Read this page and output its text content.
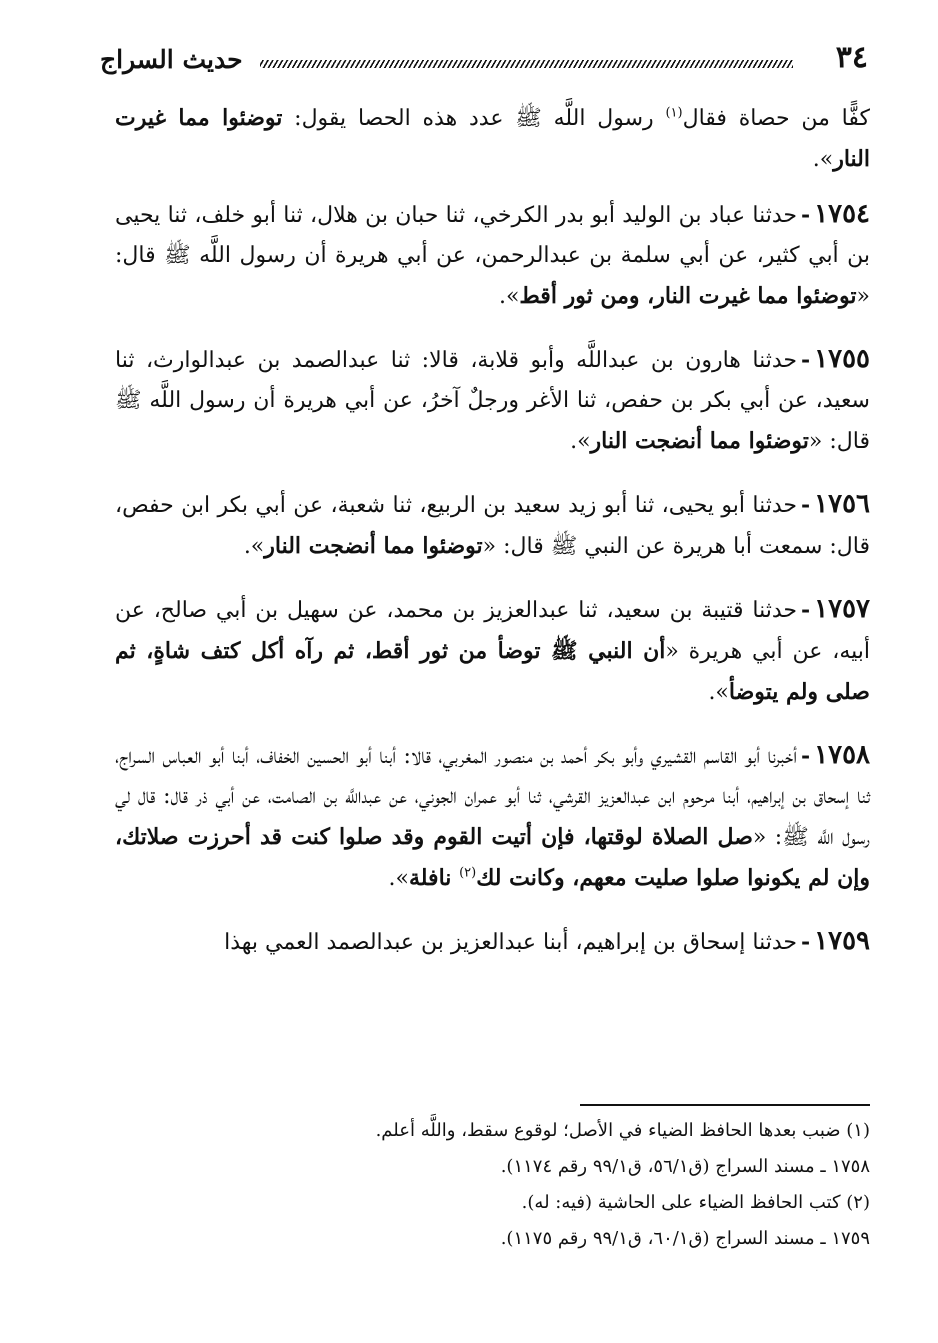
٣٤
حديث السراج

كفًّا من حصاة فقال$^{(١)}$ رسول اللَّه ﷺ عدد هذه الحصا يقول: توضئوا مما غيرت النار».

١٧٥٤-حدثنا عباد بن الوليد أبو بدر الكرخي، ثنا حبان بن هلال، ثنا أبو خلف، ثنا يحيى بن أبي كثير، عن أبي سلمة بن عبدالرحمن، عن أبي هريرة أن رسول اللَّه ﷺ قال: «توضئوا مما غيرت النار، ومن ثور أقط».

١٧٥٥-حدثنا هارون بن عبداللَّه وأبو قلابة، قالا: ثنا عبدالصمد بن عبدالوارث، ثنا سعيد، عن أبي بكر بن حفص، ثنا الأغر ورجلٌ آخرُ، عن أبي هريرة أن رسول اللَّه ﷺ قال: «توضئوا مما أنضجت النار».

١٧٥٦-حدثنا أبو يحيى، ثنا أبو زيد سعيد بن الربيع، ثنا شعبة، عن أبي بكر ابن حفص، قال: سمعت أبا هريرة عن النبي ﷺ قال: «توضئوا مما أنضجت النار».

١٧٥٧-حدثنا قتيبة بن سعيد، ثنا عبدالعزيز بن محمد، عن سهيل بن أبي صالح، عن أبيه، عن أبي هريرة «أن النبي ﷺ توضأ من ثور أقط، ثم رآه أكل كتف شاةٍ، ثم صلى ولم يتوضأ».

١٧٥٨-أخبرنا أبو القاسم القشيري وأبو بكر أحمد بن منصور المغربي، قالا: أبنا أبو الحسين الخفاف، أبنا أبو العباس السراج، ثنا إسحاق بن إبراهيم، أبنا مرحوم ابن عبدالعزيز القرشي، ثنا أبو عمران الجوني، عن عبداللَّه بن الصامت، عن أبي ذر قال: قال لي رسول اللَّه ﷺ: «صل الصلاة لوقتها، فإن أتيت القوم وقد صلوا كنت قد أحرزت صلاتك، وإن لم يكونوا صلوا صليت معهم، وكانت لك$^{(٢)}$ نافلة».

١٧٥٩-حدثنا إسحاق بن إبراهيم، أبنا عبدالعزيز بن عبدالصمد العمي بهذا

(١) ضبب بعدها الحافظ الضياء في الأصل؛ لوقوع سقط، واللَّه أعلم.

١٧٥٨ ـ مسند السراج (ق٥٦/١، ق٩٩/١ رقم ١١٧٤).

(٢) كتب الحافظ الضياء على الحاشية (فيه: له).

١٧٥٩ ـ مسند السراج (ق٦٠/١، ق٩٩/١ رقم ١١٧٥).
